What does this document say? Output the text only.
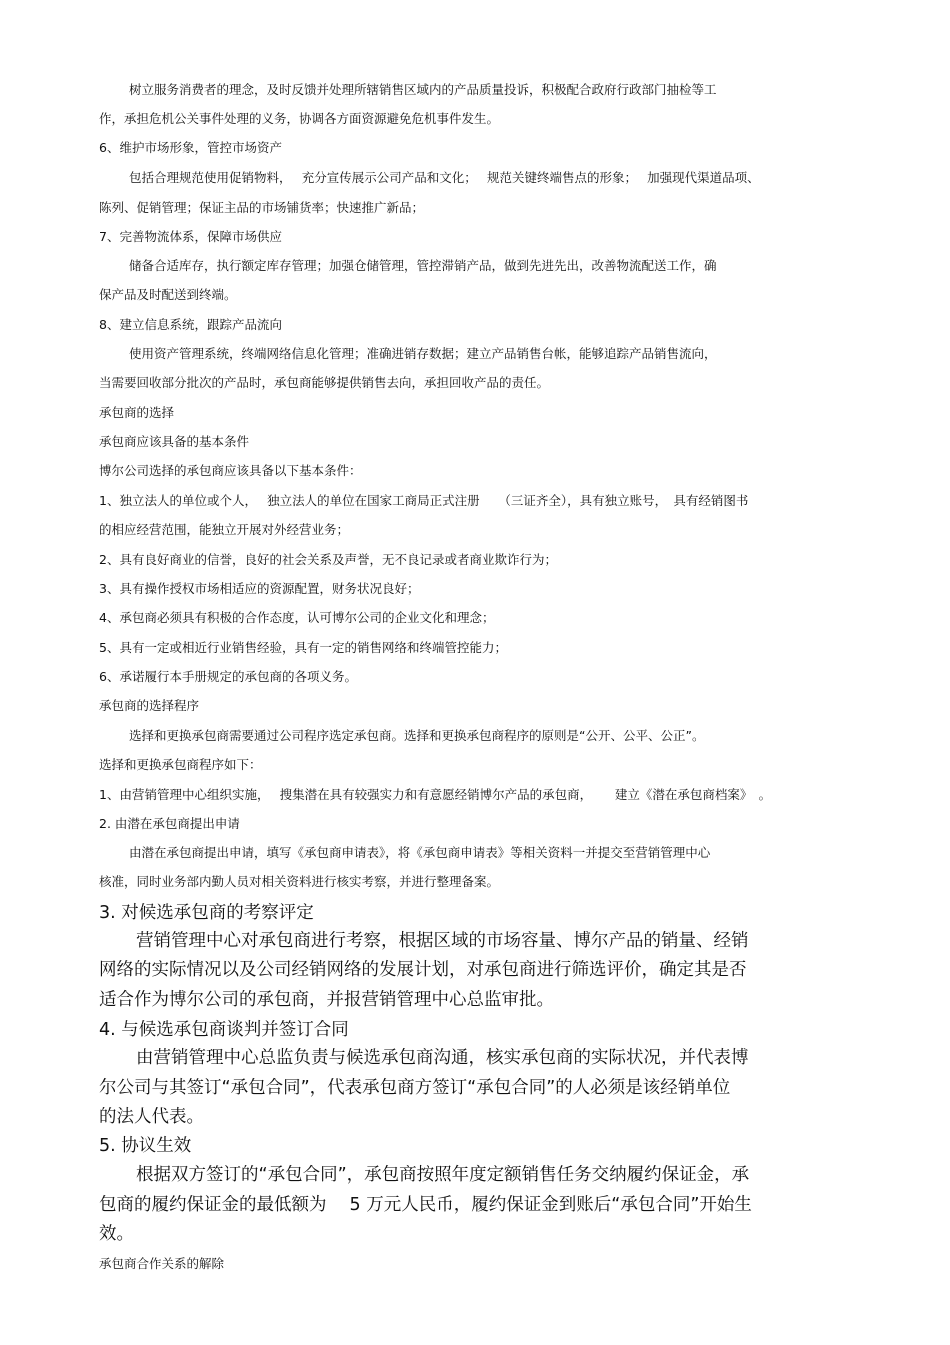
树立服务消费者的理念，及时反馈并处理所辖销售区域内的产品质量投诉，积极配合政府行政部门抽检等工

作，承担危机公关事件处理的义务，协调各方面资源避免危机事件发生。

6、维护市场形象，管控市场资产

包括合理规范使用促销物料，　 充分宣传展示公司产品和文化；　 规范关键终端售点的形象；　 加强现代渠道品项、

陈列、促销管理；保证主品的市场铺货率；快速推广新品；

7、完善物流体系，保障市场供应

储备合适库存，执行额定库存管理；加强仓储管理，管控滞销产品，做到先进先出，改善物流配送工作，确

保产品及时配送到终端。

8、建立信息系统，跟踪产品流向

使用资产管理系统，终端网络信息化管理；准确进销存数据；建立产品销售台帐，能够追踪产品销售流向，

当需要回收部分批次的产品时，承包商能够提供销售去向，承担回收产品的责任。

承包商的选择

承包商应该具备的基本条件

博尔公司选择的承包商应该具备以下基本条件：

1、独立法人的单位或个人，　 独立法人的单位在国家工商局正式注册　　（三证齐全），具有独立账号，　具有经销图书

的相应经营范围，能独立开展对外经营业务；

2、具有良好商业的信誉，良好的社会关系及声誉，无不良记录或者商业欺诈行为；

3、具有操作授权市场相适应的资源配置，财务状况良好；

4、承包商必须具有积极的合作态度，认可博尔公司的企业文化和理念；

5、具有一定或相近行业销售经验，具有一定的销售网络和终端管控能力；

6、承诺履行本手册规定的承包商的各项义务。

承包商的选择程序

选择和更换承包商需要通过公司程序选定承包商。选择和更换承包商程序的原则是“公开、公平、公正”。

选择和更换承包商程序如下：

1、由营销管理中心组织实施，　 搜集潜在具有较强实力和有意愿经销博尔产品的承包商，　　 建立《潜在承包商档案》　。

2. 由潜在承包商提出申请

由潜在承包商提出申请，填写《承包商申请表》，将《承包商申请表》等相关资料一并提交至营销管理中心

核准，同时业务部内勤人员对相关资料进行核实考察，并进行整理备案。

3. 对候选承包商的考察评定

营销管理中心对承包商进行考察，根据区域的市场容量、博尔产品的销量、经销

网络的实际情况以及公司经销网络的发展计划，对承包商进行筛选评价，确定其是否

适合作为博尔公司的承包商，并报营销管理中心总监审批。

4. 与候选承包商谈判并签订合同

由营销管理中心总监负责与候选承包商沟通，核实承包商的实际状况，并代表博

尔公司与其签订“承包合同”，代表承包商方签订“承包合同”的人必须是该经销单位

的法人代表。

5. 协议生效

根据双方签订的“承包合同”，承包商按照年度定额销售任务交纳履约保证金，承

包商的履约保证金的最低额为　 5 万元人民币，履约保证金到账后“承包合同”开始生

效。

承包商合作关系的解除
